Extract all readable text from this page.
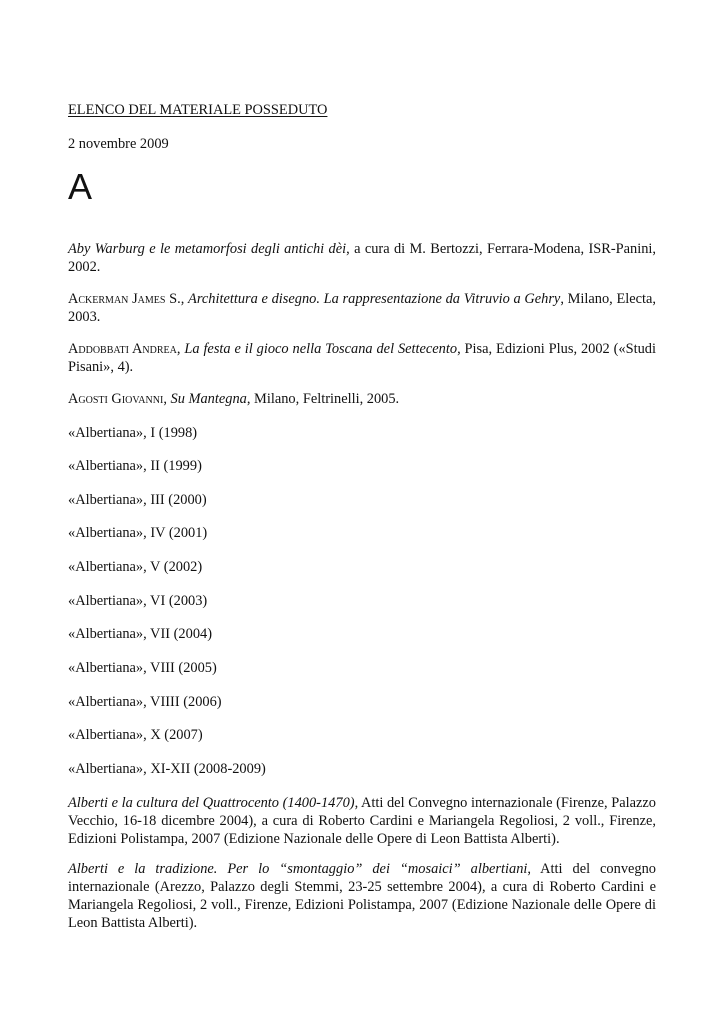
ELENCO DEL MATERIALE POSSEDUTO
2 novembre 2009
A
Aby Warburg e le metamorfosi degli antichi dèi, a cura di M. Bertozzi, Ferrara-Modena, ISR-Panini, 2002.
Ackerman James S., Architettura e disegno. La rappresentazione da Vitruvio a Gehry, Milano, Electa, 2003.
Addobbati Andrea, La festa e il gioco nella Toscana del Settecento, Pisa, Edizioni Plus, 2002 («Studi Pisani», 4).
Agosti Giovanni, Su Mantegna, Milano, Feltrinelli, 2005.
«Albertiana», I (1998)
«Albertiana», II (1999)
«Albertiana», III (2000)
«Albertiana», IV (2001)
«Albertiana», V (2002)
«Albertiana», VI (2003)
«Albertiana», VII (2004)
«Albertiana», VIII (2005)
«Albertiana», VIIII (2006)
«Albertiana», X (2007)
«Albertiana», XI-XII (2008-2009)
Alberti e la cultura del Quattrocento (1400-1470), Atti del Convegno internazionale (Firenze, Palazzo Vecchio, 16-18 dicembre 2004), a cura di Roberto Cardini e Mariangela Regoliosi, 2 voll., Firenze, Edizioni Polistampa, 2007 (Edizione Nazionale delle Opere di Leon Battista Alberti).
Alberti e la tradizione. Per lo “smontaggio” dei “mosaici” albertiani, Atti del convegno internazionale (Arezzo, Palazzo degli Stemmi, 23-25 settembre 2004), a cura di Roberto Cardini e Mariangela Regoliosi, 2 voll., Firenze, Edizioni Polistampa, 2007 (Edizione Nazionale delle Opere di Leon Battista Alberti).
